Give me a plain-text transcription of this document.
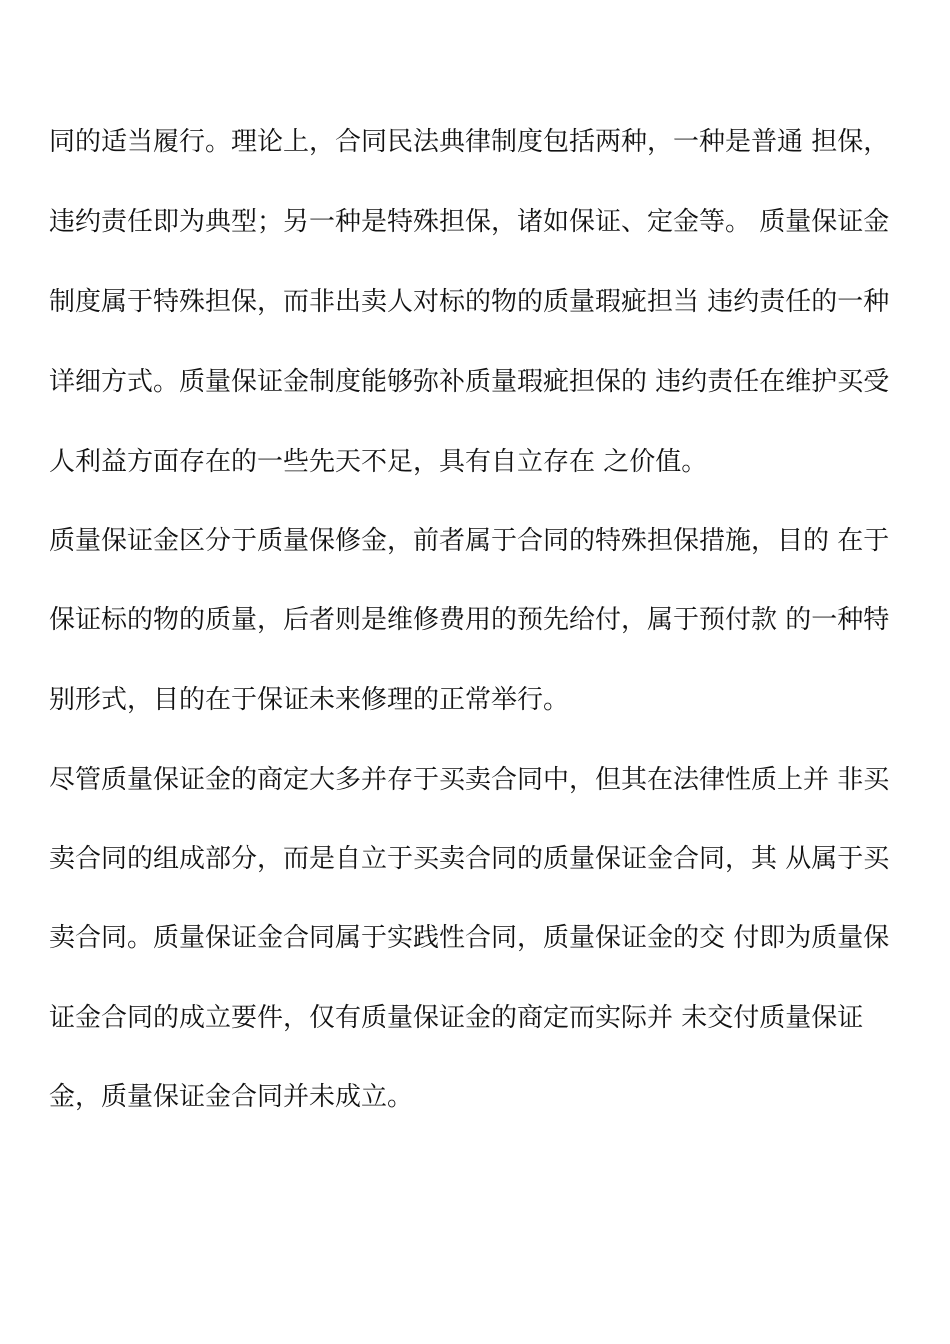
同的适当履行。理论上，合同民法典律制度包括两种，一种是普通 担保，
违约责任即为典型；另一种是特殊担保，诸如保证、定金等。 质量保证金
制度属于特殊担保，而非出卖人对标的物的质量瑕疵担当 违约责任的一种
详细方式。质量保证金制度能够弥补质量瑕疵担保的 违约责任在维护买受
人利益方面存在的一些先天不足，具有自立存在 之价值。
质量保证金区分于质量保修金，前者属于合同的特殊担保措施，目的 在于
保证标的物的质量，后者则是维修费用的预先给付，属于预付款 的一种特
别形式，目的在于保证未来修理的正常举行。
尽管质量保证金的商定大多并存于买卖合同中，但其在法律性质上并 非买
卖合同的组成部分，而是自立于买卖合同的质量保证金合同，其 从属于买
卖合同。质量保证金合同属于实践性合同，质量保证金的交 付即为质量保
证金合同的成立要件，仅有质量保证金的商定而实际并 未交付质量保证
金，质量保证金合同并未成立。
